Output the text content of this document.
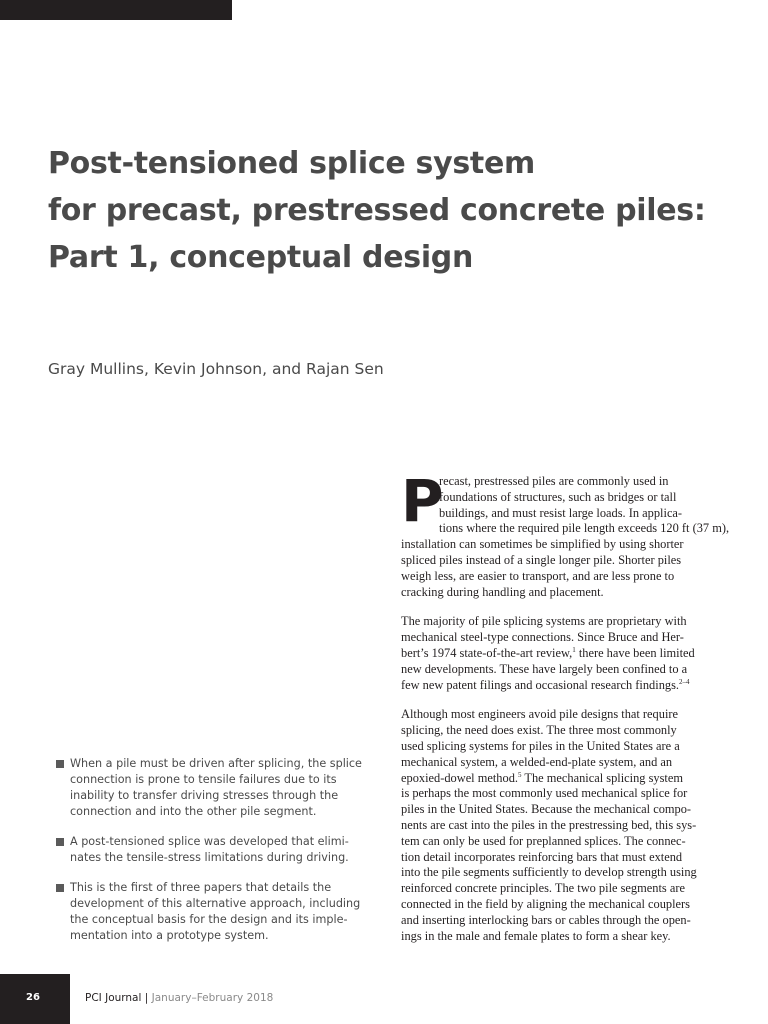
Post-tensioned splice system
for precast, prestressed concrete piles:
Part 1, conceptual design

Gray Mullins, Kevin Johnson, and Rajan Sen

When a pile must be driven after splicing, the splice
connection is prone to tensile failures due to its
inability to transfer driving stresses through the
connection and into the other pile segment.
A post-tensioned splice was developed that elimi-
nates the tensile-stress limitations during driving.
This is the first of three papers that details the
development of this alternative approach, including
the conceptual basis for the design and its imple-
mentation into a prototype system.

P
recast, prestressed piles are commonly used in
foundations of structures, such as bridges or tall
buildings, and must resist large loads. In applica-
tions where the required pile length exceeds 120 ft (37 m),
installation can sometimes be simplified by using shorter
spliced piles instead of a single longer pile. Shorter piles
weigh less, are easier to transport, and are less prone to
cracking during handling and placement.

The majority of pile splicing systems are proprietary with
mechanical steel-type connections. Since Bruce and Her-
bert’s 1974 state-of-the-art review,$^1$ there have been limited
new developments. These have largely been confined to a
few new patent filings and occasional research findings.$^{2-4}$

Although most engineers avoid pile designs that require
splicing, the need does exist. The three most commonly
used splicing systems for piles in the United States are a
mechanical system, a welded-end-plate system, and an
epoxied-dowel method.$^5$ The mechanical splicing system
is perhaps the most commonly used mechanical splice for
piles in the United States. Because the mechanical compo-
nents are cast into the piles in the prestressing bed, this sys-
tem can only be used for preplanned splices. The connec-
tion detail incorporates reinforcing bars that must extend
into the pile segments sufficiently to develop strength using
reinforced concrete principles. The two pile segments are
connected in the field by aligning the mechanical couplers
and inserting interlocking bars or cables through the open-
ings in the male and female plates to form a shear key.

26	PCI Journal | January–February 2018
